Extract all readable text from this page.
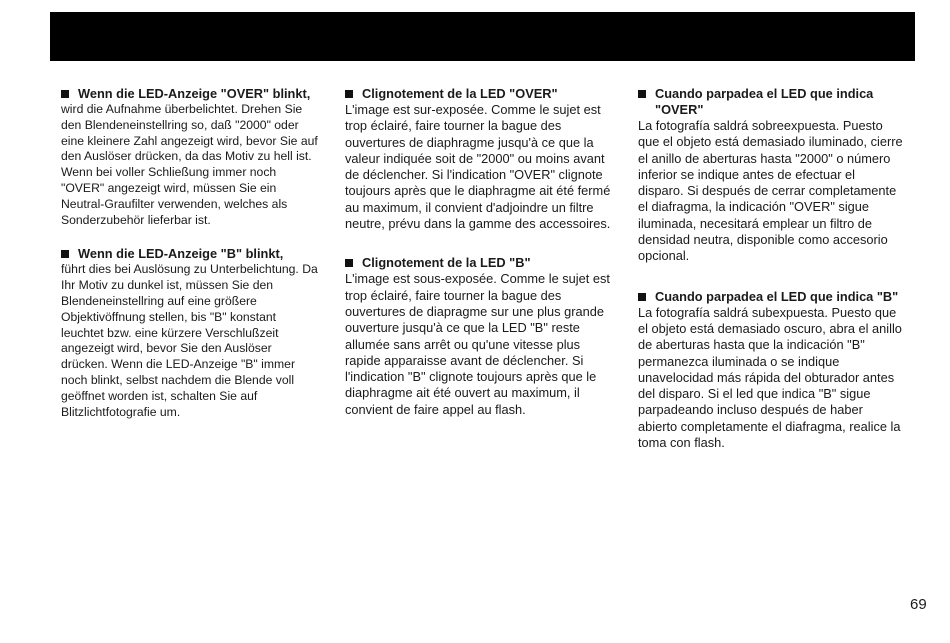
Wenn die LED-Anzeige "OVER" blinkt,

wird die Aufnahme überbelichtet. Drehen Sie den Blendeneinstellring so, daß "2000" oder eine kleinere Zahl angezeigt wird, bevor Sie auf den Auslöser drücken, da das Motiv zu hell ist. Wenn bei voller Schließung immer noch "OVER" angezeigt wird, müssen Sie ein Neutral-Graufilter verwenden, welches als Sonderzubehör lieferbar ist.

Wenn die LED-Anzeige "B" blinkt,

führt dies bei Auslösung zu Unterbelichtung. Da Ihr Motiv zu dunkel ist, müssen Sie den Blendeneinstellring auf eine größere Objektivöffnung stellen, bis "B" konstant leuchtet bzw. eine kürzere Verschlußzeit angezeigt wird, bevor Sie den Auslöser drücken. Wenn die LED-Anzeige "B" immer noch blinkt, selbst nachdem die Blende voll geöffnet worden ist, schalten Sie auf Blitzlichtfotografie um.

Clignotement de la LED "OVER"

L'image est sur-exposée. Comme le sujet est trop éclairé, faire tourner la bague des ouvertures de diaphragme jusqu'à ce que la valeur indiquée soit de "2000" ou moins avant de déclencher. Si l'indication "OVER" clignote toujours après que le diaphragme ait été fermé au maximum, il convient d'adjoindre un filtre neutre, prévu dans la gamme des accessoires.

Clignotement de la LED "B"

L'image est sous-exposée. Comme le sujet est trop éclairé, faire tourner la bague des ouvertures de diapragme sur une plus grande ouverture jusqu'à ce que la LED "B" reste allumée sans arrêt ou qu'une vitesse plus rapide apparaisse avant de déclencher. Si l'indication "B" clignote toujours après que le diaphragme ait été ouvert au maximum, il convient de faire appel au flash.

Cuando parpadea el LED que indica "OVER"

La fotografía saldrá sobreexpuesta. Puesto que el objeto está demasiado iluminado, cierre el anillo de aberturas hasta "2000" o número inferior se indique antes de efectuar el disparo. Si después de cerrar completamente el diafragma, la indicación "OVER" sigue iluminada, necesitará emplear un filtro de densidad neutra, disponible como accesorio opcional.

Cuando parpadea el LED que indica "B"

La fotografía saldrá subexpuesta. Puesto que el objeto está demasiado oscuro, abra el anillo de aberturas hasta que la indicación "B" permanezca iluminada o se indique unavelocidad más rápida del obturador antes del disparo. Si el led que indica "B" sigue parpadeando incluso después de haber abierto completamente el diafragma, realice la toma con flash.

69
